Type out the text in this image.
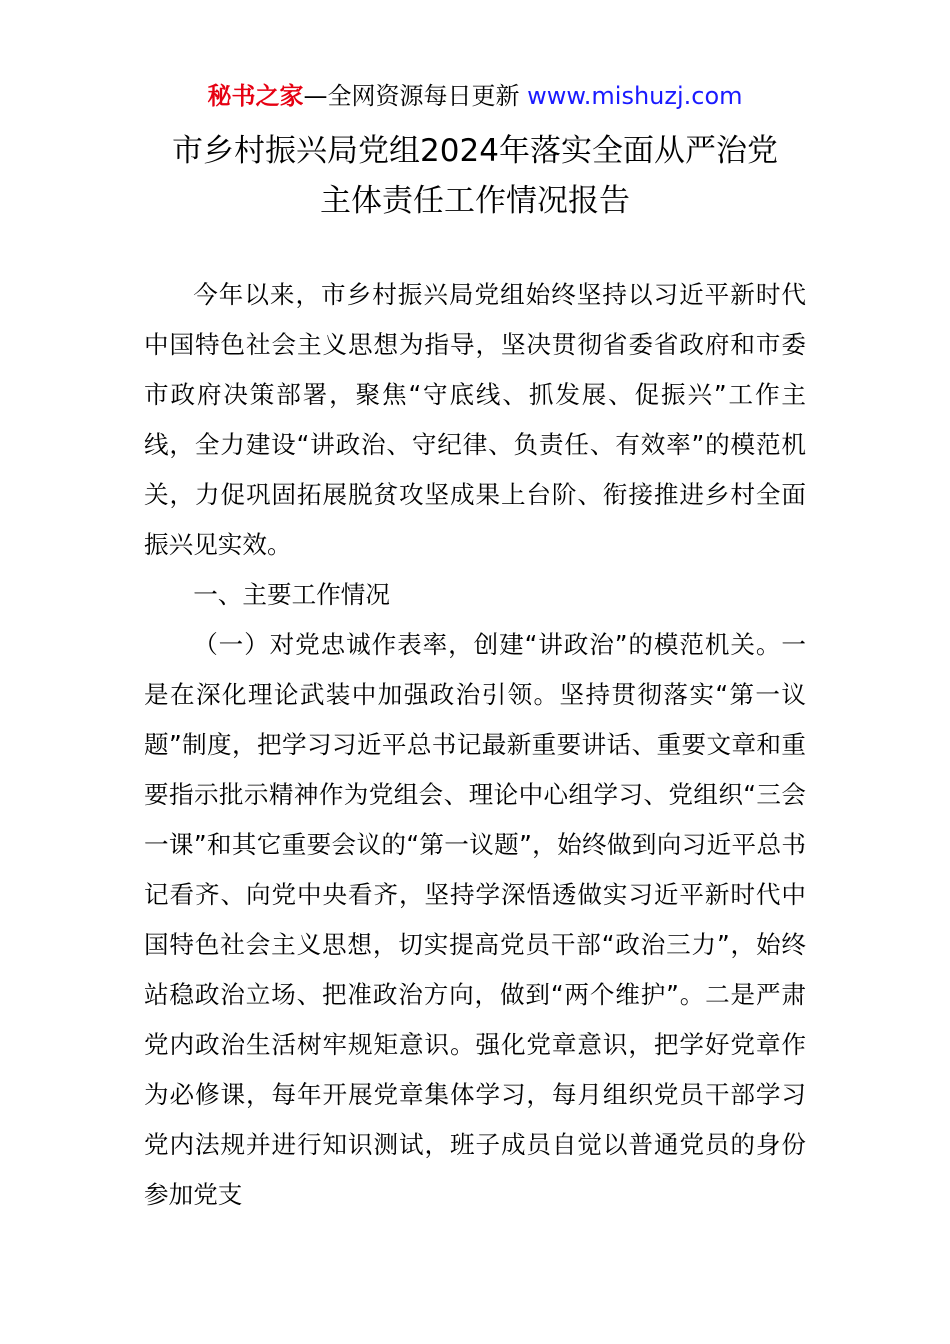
秘书之家—全网资源每日更新 www.mishuzj.com
市乡村振兴局党组2024年落实全面从严治党
主体责任工作情况报告

今年以来，市乡村振兴局党组始终坚持以习近平新时代中国特色社会主义思想为指导，坚决贯彻省委省政府和市委市政府决策部署，聚焦“守底线、抓发展、促振兴”工作主线，全力建设“讲政治、守纪律、负责任、有效率”的模范机关，力促巩固拓展脱贫攻坚成果上台阶、衔接推进乡村全面振兴见实效。

一、主要工作情况

（一）对党忠诚作表率，创建“讲政治”的模范机关。一是在深化理论武装中加强政治引领。坚持贯彻落实“第一议题”制度，把学习习近平总书记最新重要讲话、重要文章和重要指示批示精神作为党组会、理论中心组学习、党组织“三会一课”和其它重要会议的“第一议题”，始终做到向习近平总书记看齐、向党中央看齐，坚持学深悟透做实习近平新时代中国特色社会主义思想，切实提高党员干部“政治三力”，始终站稳政治立场、把准政治方向，做到“两个维护”。二是严肃党内政治生活树牢规矩意识。强化党章意识，把学好党章作为必修课，每年开展党章集体学习，每月组织党员干部学习党内法规并进行知识测试，班子成员自觉以普通党员的身份参加党支
